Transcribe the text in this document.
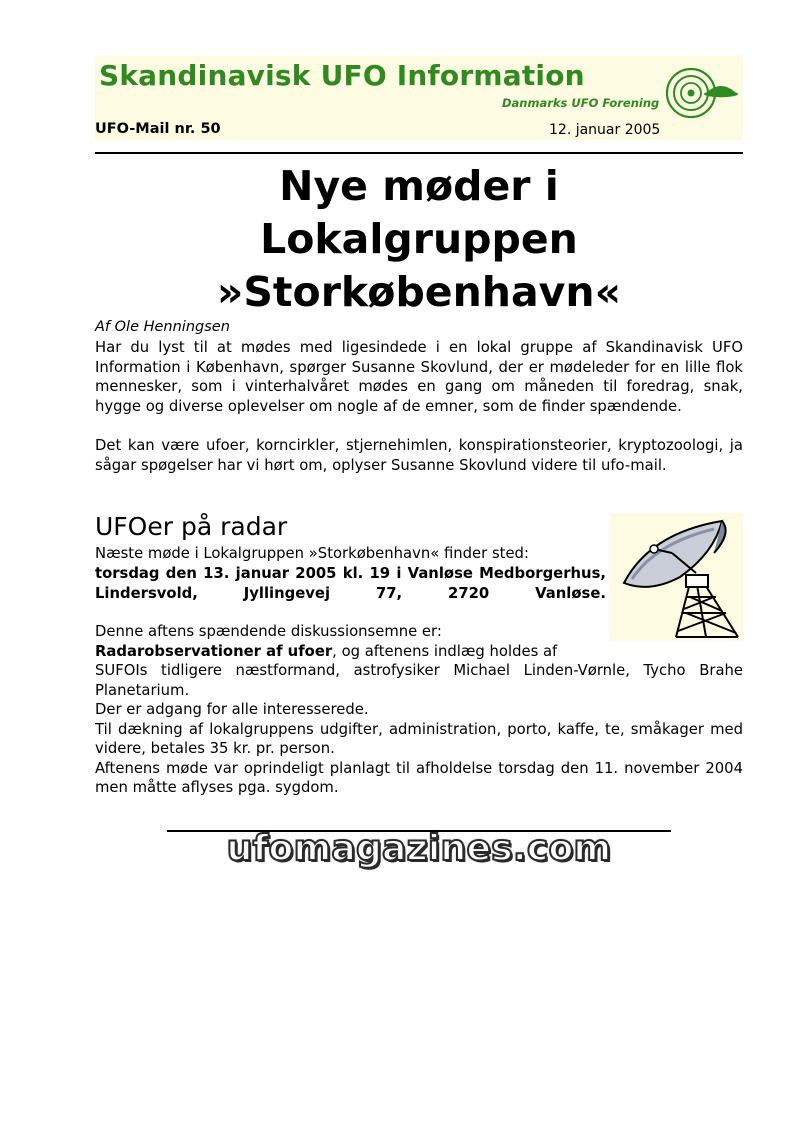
Skandinavisk UFO Information
Danmarks UFO Forening
UFO-Mail nr. 50	12. januar 2005
Nye møder i
Lokalgruppen
»Storkøbenhavn«
Af Ole Henningsen
Har du lyst til at mødes med ligesindede i en lokal gruppe af Skandinavisk UFO Information i København, spørger Susanne Skovlund, der er mødeleder for en lille flok mennesker, som i vinterhalvåret mødes en gang om måneden til foredrag, snak, hygge og diverse oplevelser om nogle af de emner, som de finder spændende.
Det kan være ufoer, korncirkler, stjernehimlen, konspirationsteorier, kryptozoologi, ja sågar spøgelser har vi hørt om, oplyser Susanne Skovlund videre til ufo-mail.
UFOer på radar
Næste møde i Lokalgruppen »Storkøbenhavn« finder sted:
torsdag den 13. januar 2005 kl. 19 i Vanløse Medborgerhus, Lindersvold, Jyllingevej 77, 2720 Vanløse.
Denne aftens spændende diskussionsemne er:
Radarobservationer af ufoer, og aftenens indlæg holdes af
SUFOIs tidligere næstformand, astrofysiker Michael Linden-Vørnle, Tycho Brahe Planetarium.
Der er adgang for alle interesserede.
Til dækning af lokalgruppens udgifter, administration, porto, kaffe, te, småkager med videre, betales 35 kr. pr. person.
Aftenens møde var oprindeligt planlagt til afholdelse torsdag den 11. november 2004 men måtte aflyses pga. sygdom.
ufomagazines.com
